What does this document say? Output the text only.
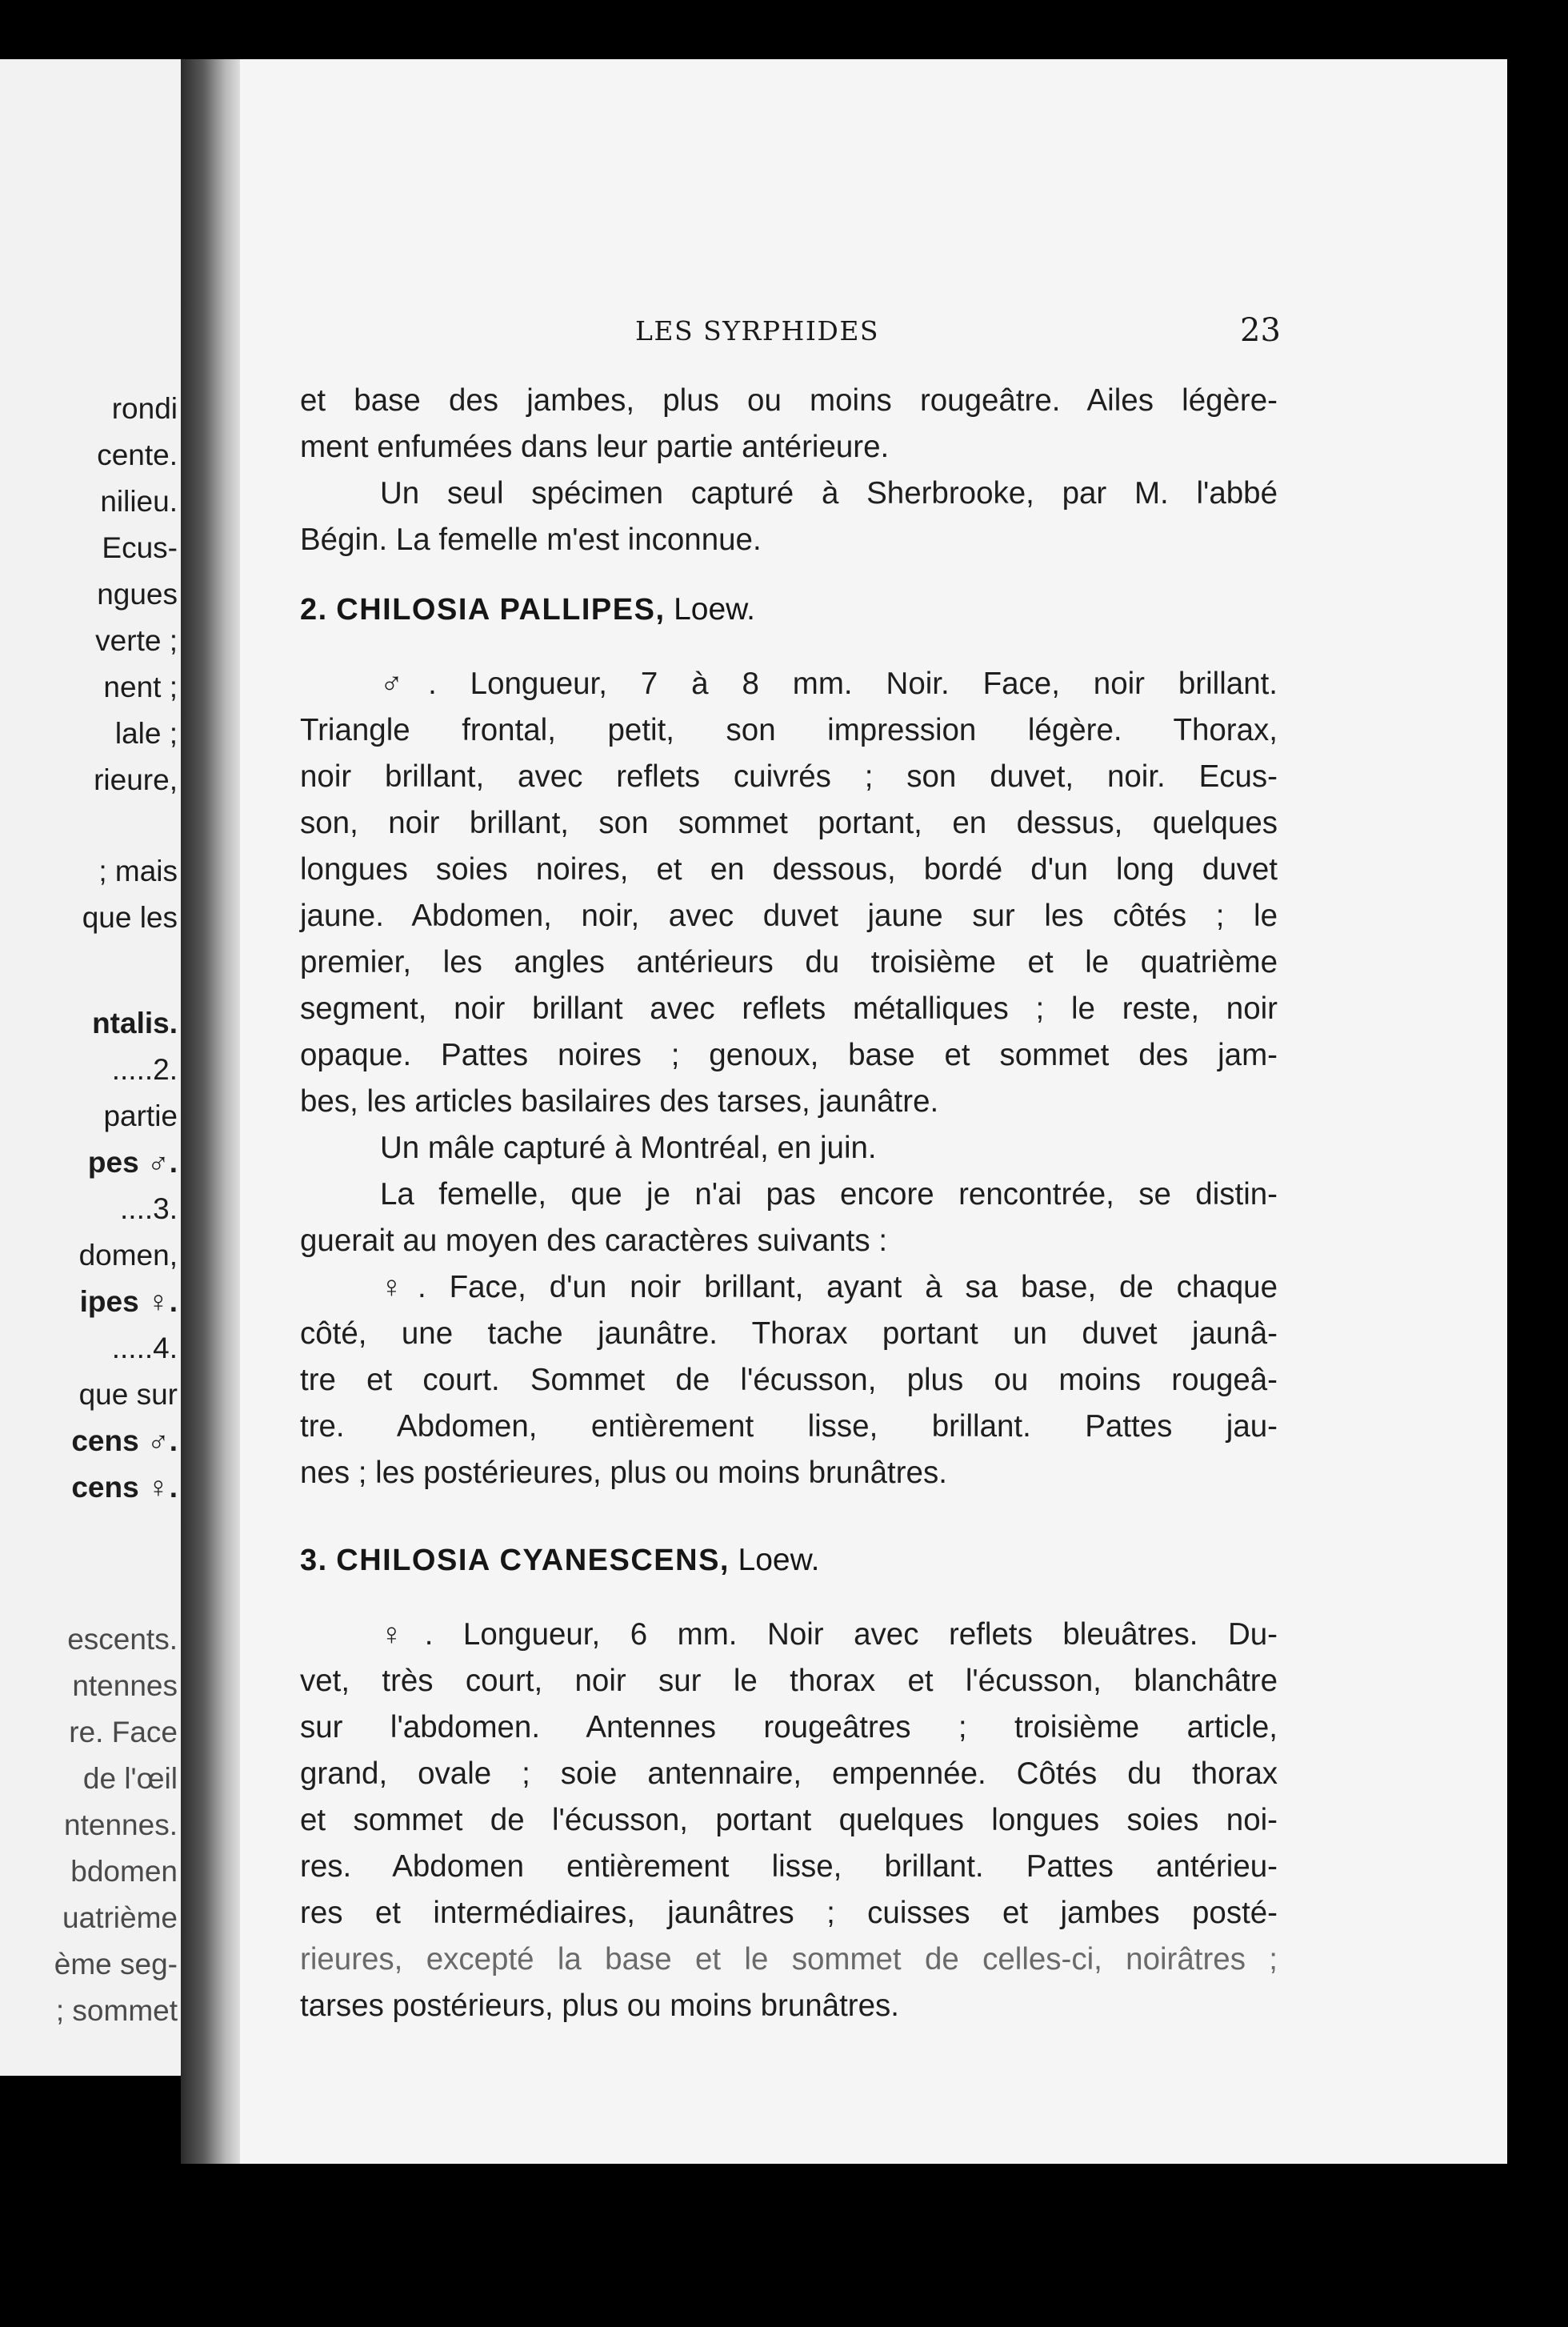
rondi
cente.
nilieu.
Ecus-
ngues
verte ;
nent ;
lale ;
rieure,
; mais
que les
ntalis.
.....2.
partie
pes ♂.
....3.
domen,
ipes ♀.
.....4.
que sur
cens ♂.
cens ♀.
escents.
ntennes
re. Face
de l'œil
ntennes.
bdomen
uatrième
ème seg-
; sommet
LES SYRPHIDES	23
et base des jambes, plus ou moins rougeâtre. Ailes légère-
ment enfumées dans leur partie antérieure.
Un seul spécimen capturé à Sherbrooke, par M. l'abbé
Bégin. La femelle m'est inconnue.
2. CHILOSIA PALLIPES, Loew.
♂. Longueur, 7 à 8 mm. Noir. Face, noir brillant.
Triangle frontal, petit, son impression légère. Thorax,
noir brillant, avec reflets cuivrés ; son duvet, noir. Ecus-
son, noir brillant, son sommet portant, en dessus, quelques
longues soies noires, et en dessous, bordé d'un long duvet
jaune. Abdomen, noir, avec duvet jaune sur les côtés ; le
premier, les angles antérieurs du troisième et le quatrième
segment, noir brillant avec reflets métalliques ; le reste, noir
opaque. Pattes noires ; genoux, base et sommet des jam-
bes, les articles basilaires des tarses, jaunâtre.
Un mâle capturé à Montréal, en juin.
La femelle, que je n'ai pas encore rencontrée, se distin-
guerait au moyen des caractères suivants :
♀. Face, d'un noir brillant, ayant à sa base, de chaque
côté, une tache jaunâtre. Thorax portant un duvet jaunâ-
tre et court. Sommet de l'écusson, plus ou moins rougeâ-
tre. Abdomen, entièrement lisse, brillant. Pattes jau-
nes ; les postérieures, plus ou moins brunâtres.
3. CHILOSIA CYANESCENS, Loew.
♀. Longueur, 6 mm. Noir avec reflets bleuâtres. Du-
vet, très court, noir sur le thorax et l'écusson, blanchâtre
sur l'abdomen. Antennes rougeâtres ; troisième article,
grand, ovale ; soie antennaire, empennée. Côtés du thorax
et sommet de l'écusson, portant quelques longues soies noi-
res. Abdomen entièrement lisse, brillant. Pattes antérieu-
res et intermédiaires, jaunâtres ; cuisses et jambes posté-
rieures, excepté la base et le sommet de celles-ci, noirâtres ;
tarses postérieurs, plus ou moins brunâtres.
